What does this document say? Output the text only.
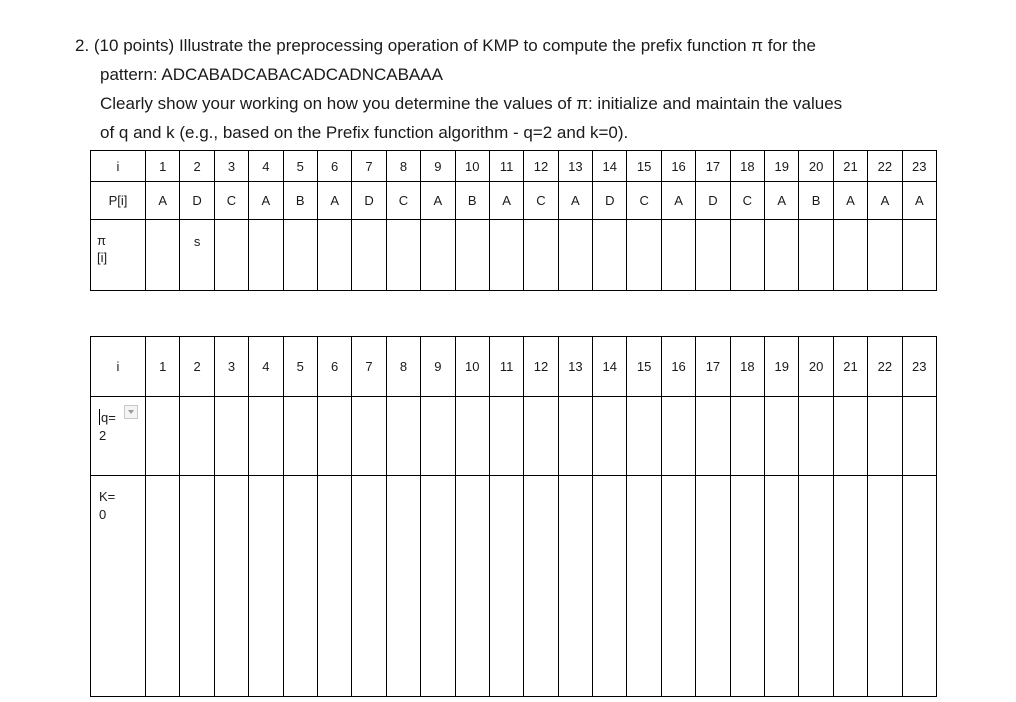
2. (10 points) Illustrate the preprocessing operation of KMP to compute the prefix function π for the
pattern: ADCABADCABACADCADNCABAAA
Clearly show your working on how you determine the values of π: initialize and maintain the values
of q and k (e.g., based on the Prefix function algorithm - q=2 and k=0).
i	1	2	3	4	5	6	7	8	9	10	11	12	13	14	15	16	17	18	19	20	21	22	23
P[i]	A	D	C	A	B	A	D	C	A	B	A	C	A	D	C	A	D	C	A	B	A	A	A
π
[i]		s																					
i	1	2	3	4	5	6	7	8	9	10	11	12	13	14	15	16	17	18	19	20	21	22	23
q=
2																							
K=
0																							
